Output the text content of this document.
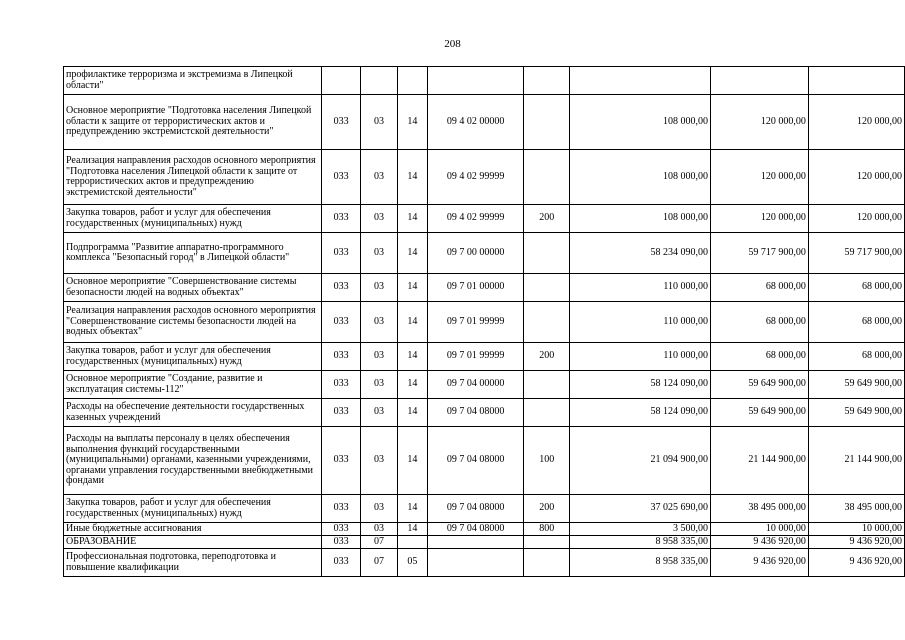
208
профилактике терроризма и экстремизма в Липецкой области"								
Основное мероприятие "Подготовка населения Липецкой области к защите от террористических актов и предупреждению экстремистской деятельности"	033	03	14	09 4 02 00000		108 000,00	120 000,00	120 000,00
Реализация направления расходов основного мероприятия "Подготовка населения Липецкой области к защите от террористических актов и предупреждению экстремистской деятельности"	033	03	14	09 4 02 99999		108 000,00	120 000,00	120 000,00
Закупка товаров, работ и услуг для обеспечения государственных (муниципальных) нужд	033	03	14	09 4 02 99999	200	108 000,00	120 000,00	120 000,00
Подпрограмма "Развитие аппаратно-программного комплекса "Безопасный город" в Липецкой области"	033	03	14	09 7 00 00000		58 234 090,00	59 717 900,00	59 717 900,00
Основное мероприятие "Совершенствование системы безопасности людей на водных объектах"	033	03	14	09 7 01 00000		110 000,00	68 000,00	68 000,00
Реализация направления расходов основного мероприятия "Совершенствование системы безопасности людей на водных объектах"	033	03	14	09 7 01 99999		110 000,00	68 000,00	68 000,00
Закупка товаров, работ и услуг для обеспечения государственных (муниципальных) нужд	033	03	14	09 7 01 99999	200	110 000,00	68 000,00	68 000,00
Основное мероприятие "Создание, развитие и эксплуатация системы-112"	033	03	14	09 7 04 00000		58 124 090,00	59 649 900,00	59 649 900,00
Расходы на обеспечение деятельности государственных казенных учреждений	033	03	14	09 7 04 08000		58 124 090,00	59 649 900,00	59 649 900,00
Расходы на выплаты персоналу в целях обеспечения выполнения функций государственными (муниципальными) органами, казенными учреждениями, органами управления государственными внебюджетными фондами	033	03	14	09 7 04 08000	100	21 094 900,00	21 144 900,00	21 144 900,00
Закупка товаров, работ и услуг для обеспечения государственных (муниципальных) нужд	033	03	14	09 7 04 08000	200	37 025 690,00	38 495 000,00	38 495 000,00
Иные бюджетные ассигнования	033	03	14	09 7 04 08000	800	3 500,00	10 000,00	10 000,00
ОБРАЗОВАНИЕ	033	07				8 958 335,00	9 436 920,00	9 436 920,00
Профессиональная подготовка, переподготовка и повышение квалификации	033	07	05			8 958 335,00	9 436 920,00	9 436 920,00
